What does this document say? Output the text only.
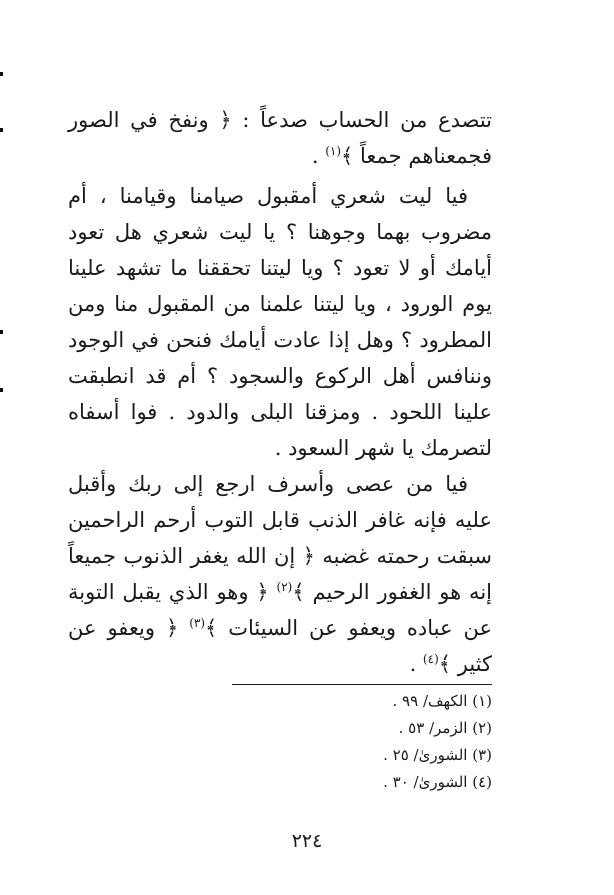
تتصدع من الحساب صدعاً : ﴿ ونفخ في الصور فجمعناهم جمعاً ﴾$^{(١)}$ .

فيا ليت شعري أمقبول صيامنا وقيامنا ، أم مضروب بهما وجوهنا ؟ يا ليت شعري هل تعود أيامك أو لا تعود ؟ ويا ليتنا تحققنا ما تشهد علينا يوم الورود ، ويا ليتنا علمنا من المقبول منا ومن المطرود ؟ وهل إذا عادت أيامك فنحن في الوجود وننافس أهل الركوع والسجود ؟ أم قد انطبقت علينا اللحود . ومزقنا البلى والدود . فوا أسفاه لتصرمك يا شهر السعود .

فيا من عصى وأسرف ارجع إلى ربك وأقبل عليه فإنه غافر الذنب قابل التوب أرحم الراحمين سبقت رحمته غضبه ﴿ إن الله يغفر الذنوب جميعاً إنه هو الغفور الرحيم ﴾$^{(٢)}$ ﴿ وهو الذي يقبل التوبة عن عباده ويعفو عن السيئات ﴾$^{(٣)}$ ﴿ ويعفو عن كثير ﴾$^{(٤)}$ .

(١) الكهف/ ٩٩ .
(٢) الزمر/ ٥٣ .
(٣) الشورىٰ/ ٢٥ .
(٤) الشورىٰ/ ٣٠ .
٢٢٤
